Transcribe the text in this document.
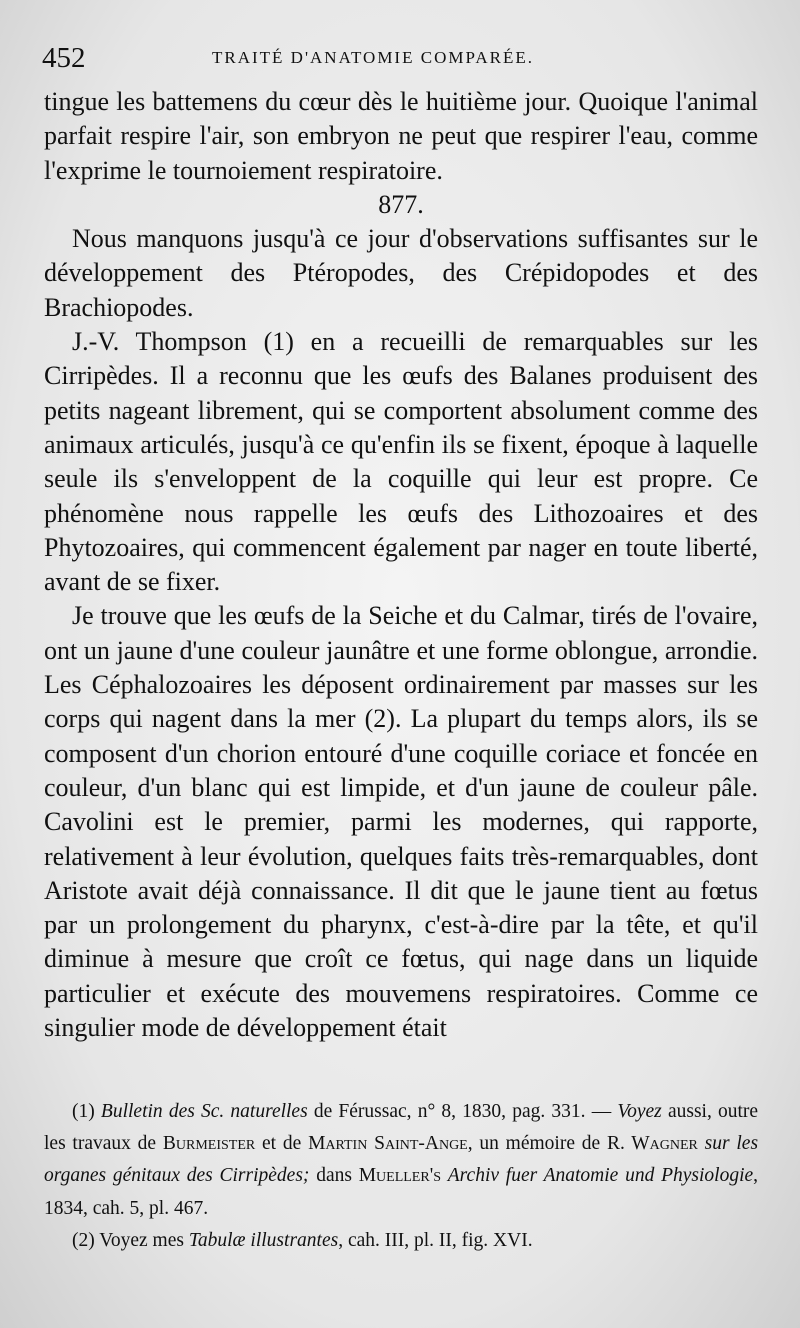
452	TRAITÉ D'ANATOMIE COMPARÉE.

tingue les battemens du cœur dès le huitième jour. Quoique l'animal parfait respire l'air, son embryon ne peut que respirer l'eau, comme l'exprime le tournoiement respiratoire.

877.

Nous manquons jusqu'à ce jour d'observations suffisantes sur le développement des Ptéropodes, des Crépidopodes et des Brachiopodes.

J.-V. Thompson (1) en a recueilli de remarquables sur les Cirripèdes. Il a reconnu que les œufs des Balanes produisent des petits nageant librement, qui se comportent absolument comme des animaux articulés, jusqu'à ce qu'enfin ils se fixent, époque à laquelle seule ils s'enveloppent de la coquille qui leur est propre. Ce phénomène nous rappelle les œufs des Lithozoaires et des Phytozoaires, qui commencent également par nager en toute liberté, avant de se fixer.

Je trouve que les œufs de la Seiche et du Calmar, tirés de l'ovaire, ont un jaune d'une couleur jaunâtre et une forme oblongue, arrondie. Les Céphalozoaires les déposent ordinairement par masses sur les corps qui nagent dans la mer (2). La plupart du temps alors, ils se composent d'un chorion entouré d'une coquille coriace et foncée en couleur, d'un blanc qui est limpide, et d'un jaune de couleur pâle. Cavolini est le premier, parmi les modernes, qui rapporte, relativement à leur évolution, quelques faits très-remarquables, dont Aristote avait déjà connaissance. Il dit que le jaune tient au fœtus par un prolongement du pharynx, c'est-à-dire par la tête, et qu'il diminue à mesure que croît ce fœtus, qui nage dans un liquide particulier et exécute des mouvemens respiratoires. Comme ce singulier mode de développement était

(1) Bulletin des Sc. naturelles de Férussac, n° 8, 1830, pag. 331. — Voyez aussi, outre les travaux de Burmeister et de Martin Saint-Ange, un mémoire de R. Wagner sur les organes génitaux des Cirripèdes; dans Mueller's Archiv fuer Anatomie und Physiologie, 1834, cah. 5, pl. 467.

(2) Voyez mes Tabulæ illustrantes, cah. III, pl. II, fig. XVI.
